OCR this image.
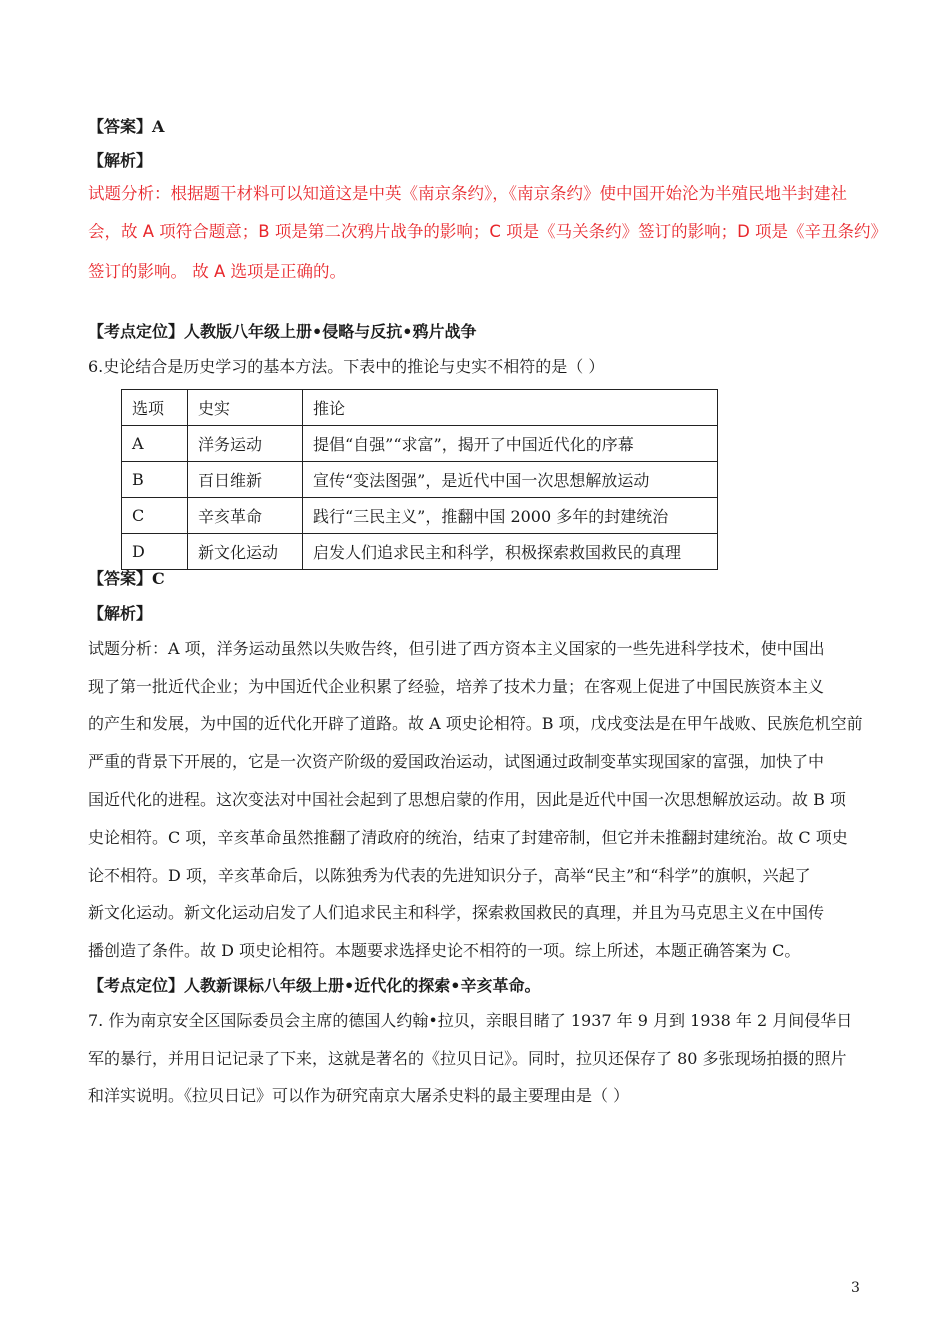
【答案】A
【解析】
试题分析：根据题干材料可以知道这是中英《南京条约》，《南京条约》使中国开始沦为半殖民地半封建社
会，故 A 项符合题意；B 项是第二次鸦片战争的影响；C 项是《马关条约》签订的影响；D 项是《辛丑条约》
签订的影响。 故 A 选项是正确的。
【考点定位】人教版八年级上册•侵略与反抗•鸦片战争
6.史论结合是历史学习的基本方法。下表中的推论与史实不相符的是（ ）
选项	史实	推论
A	洋务运动	提倡“自强”“求富”，揭开了中国近代化的序幕
B	百日维新	宣传“变法图强”，是近代中国一次思想解放运动
C	辛亥革命	践行“三民主义”，推翻中国 2000 多年的封建统治
D	新文化运动	启发人们追求民主和科学，积极探索救国救民的真理
【答案】C
【解析】
试题分析：A 项，洋务运动虽然以失败告终，但引进了西方资本主义国家的一些先进科学技术，使中国出
现了第一批近代企业；为中国近代企业积累了经验，培养了技术力量；在客观上促进了中国民族资本主义
的产生和发展，为中国的近代化开辟了道路。故 A 项史论相符。B 项，戊戌变法是在甲午战败、民族危机空前
严重的背景下开展的，它是一次资产阶级的爱国政治运动，试图通过政制变革实现国家的富强，加快了中
国近代化的进程。这次变法对中国社会起到了思想启蒙的作用，因此是近代中国一次思想解放运动。故 B 项
史论相符。C 项，辛亥革命虽然推翻了清政府的统治，结束了封建帝制，但它并未推翻封建统治。故 C 项史
论不相符。D 项，辛亥革命后，以陈独秀为代表的先进知识分子，高举“民主”和“科学”的旗帜，兴起了
新文化运动。新文化运动启发了人们追求民主和科学，探索救国救民的真理，并且为马克思主义在中国传
播创造了条件。故 D 项史论相符。本题要求选择史论不相符的一项。综上所述，本题正确答案为 C。
【考点定位】人教新课标八年级上册•近代化的探索•辛亥革命。
7. 作为南京安全区国际委员会主席的德国人约翰•拉贝，亲眼目睹了 1937 年 9 月到 1938 年 2 月间侵华日
军的暴行，并用日记记录了下来，这就是著名的《拉贝日记》。同时，拉贝还保存了 80 多张现场拍摄的照片
和洋实说明。《拉贝日记》可以作为研究南京大屠杀史料的最主要理由是（ ）
3
